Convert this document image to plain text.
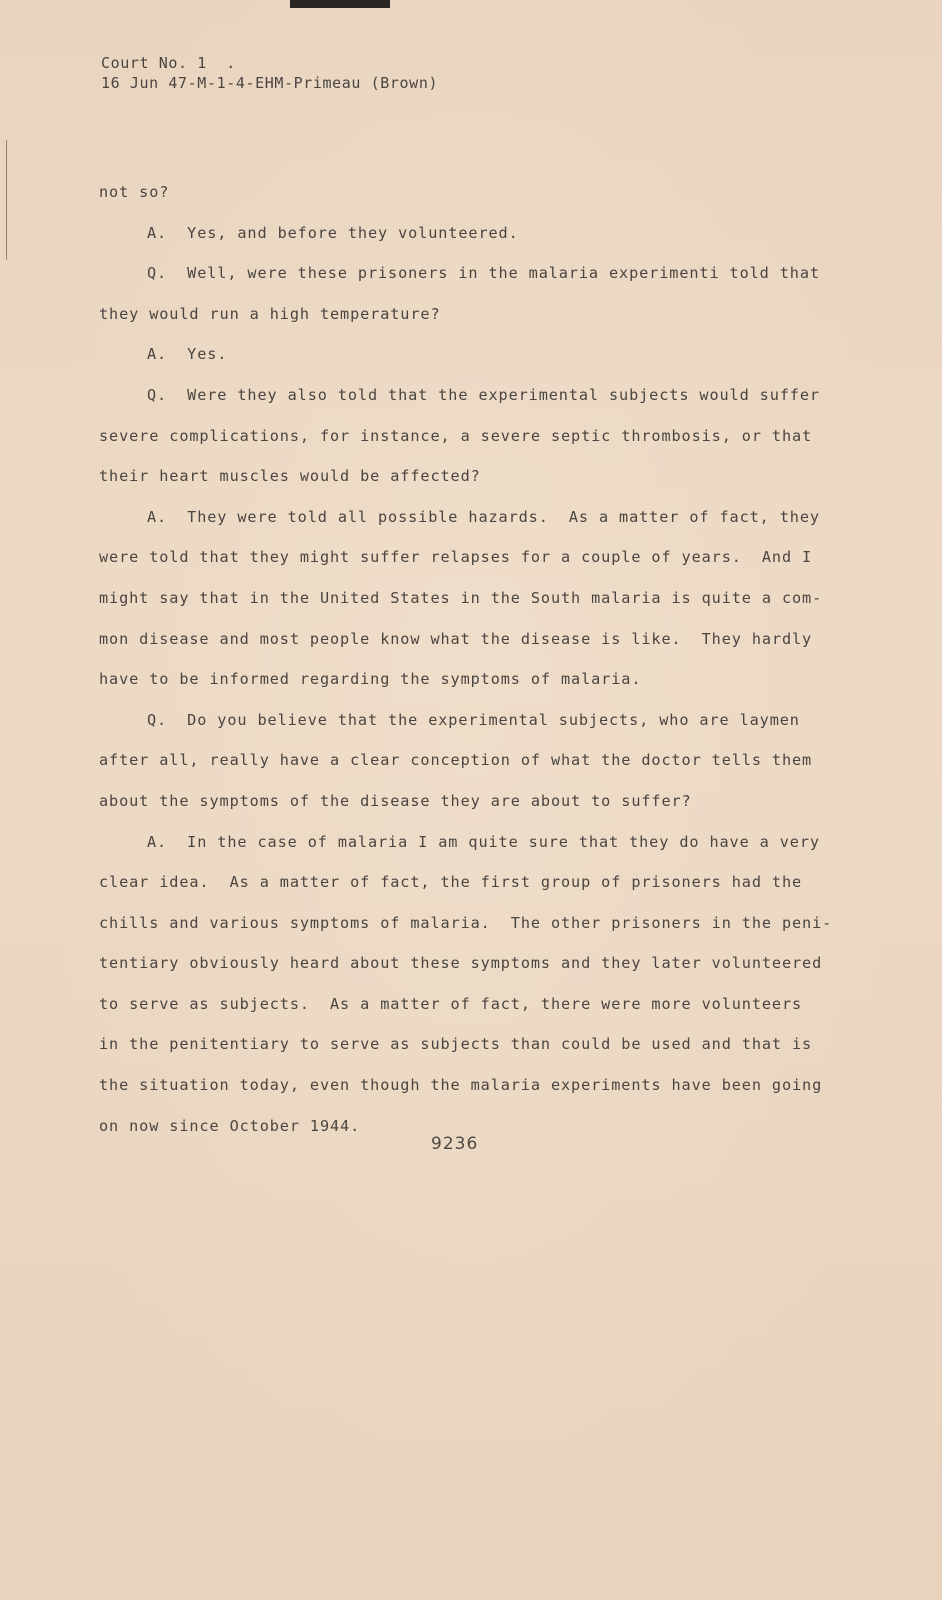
Court No. 1  .
16 Jun 47-M-1-4-EHM-Primeau (Brown)
not so?
A.  Yes, and before they volunteered.
Q.  Well, were these prisoners in the malaria experimenti told that
they would run a high temperature?
A.  Yes.
Q.  Were they also told that the experimental subjects would suffer
severe complications, for instance, a severe septic thrombosis, or that
their heart muscles would be affected?
A.  They were told all possible hazards.  As a matter of fact, they
were told that they might suffer relapses for a couple of years.  And I
might say that in the United States in the South malaria is quite a com-
mon disease and most people know what the disease is like.  They hardly
have to be informed regarding the symptoms of malaria.
Q.  Do you believe that the experimental subjects, who are laymen
after all, really have a clear conception of what the doctor tells them
about the symptoms of the disease they are about to suffer?
A.  In the case of malaria I am quite sure that they do have a very
clear idea.  As a matter of fact, the first group of prisoners had the
chills and various symptoms of malaria.  The other prisoners in the peni-
tentiary obviously heard about these symptoms and they later volunteered
to serve as subjects.  As a matter of fact, there were more volunteers
in the penitentiary to serve as subjects than could be used and that is
the situation today, even though the malaria experiments have been going
on now since October 1944.
9236
